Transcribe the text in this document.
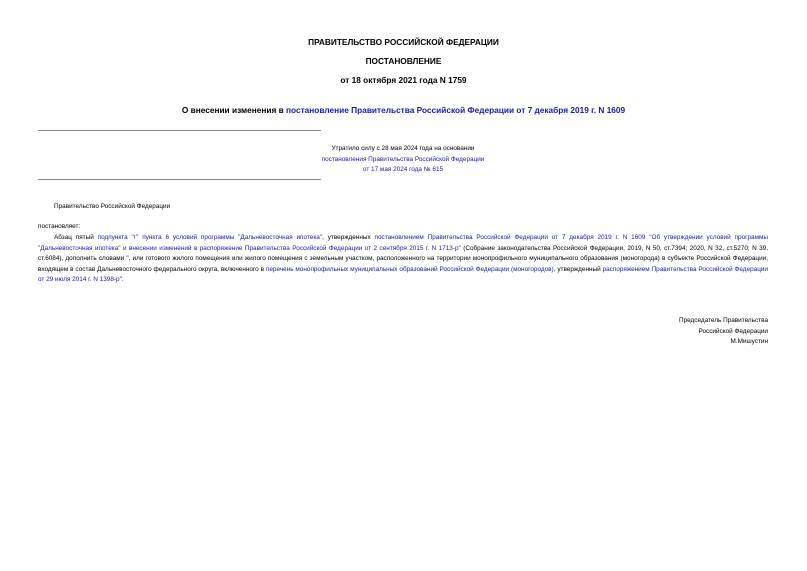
ПРАВИТЕЛЬСТВО РОССИЙСКОЙ ФЕДЕРАЦИИ
ПОСТАНОВЛЕНИЕ
от 18 октября 2021 года N 1759
О внесении изменения в постановление Правительства Российской Федерации от 7 декабря 2019 г. N 1609
Утратило силу с 28 мая 2024 года на основании
постановления Правительства Российской Федерации
от 17 мая 2024 года № 615
Правительство Российской Федерации
постановляет:
Абзац пятый подпункта "г" пункта 6 условий программы "Дальневосточная ипотека", утвержденных постановлением Правительства Российской Федерации от 7 декабря 2019 г. N 1609 "Об утверждении условий программы "Дальневосточная ипотека" и внесении изменений в распоряжение Правительства Российской Федерации от 2 сентября 2015 г. N 1713-р" (Собрание законодательства Российской Федерации, 2019, N 50, ст.7394; 2020, N 32, ст.5270; N 39, ст.6084), дополнить словами ", или готового жилого помещения или жилого помещения с земельным участком, расположенного на территории монопрофильного муниципального образования (моногорода) в субъекте Российской Федерации, входящем в состав Дальневосточного федерального округа, включенного в перечень монопрофильных муниципальных образований Российской Федерации (моногородов), утвержденный распоряжением Правительства Российской Федерации от 29 июля 2014 г. N 1398-р".
Председатель Правительства
Российской Федерации
М.Мишустин
